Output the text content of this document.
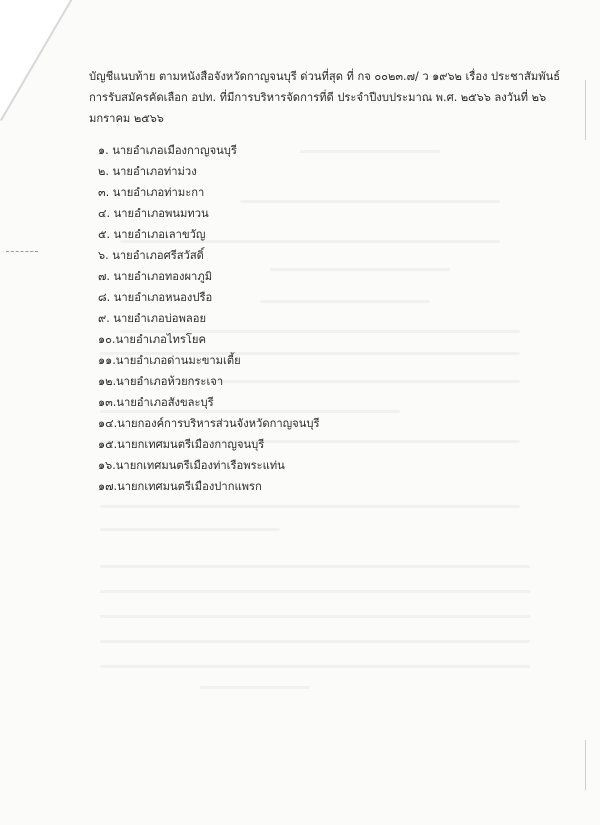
บัญชีแนบท้าย ตามหนังสือจังหวัดกาญจนบุรี ด่วนที่สุด ที่ กจ ๐๐๒๓.๗/ ว ๑๙๖๒ เรื่อง ประชาสัมพันธ์
การรับสมัครคัดเลือก อปท. ที่มีการบริหารจัดการที่ดี ประจำปีงบประมาณ พ.ศ. ๒๕๖๖ ลงวันที่ ๒๖
มกราคม ๒๕๖๖
๑. นายอำเภอเมืองกาญจนบุรี
๒. นายอำเภอท่าม่วง
๓. นายอำเภอท่ามะกา
๔. นายอำเภอพนมทวน
๕. นายอำเภอเลาขวัญ
๖. นายอำเภอศรีสวัสดิ์
๗. นายอำเภอทองผาภูมิ
๘. นายอำเภอหนองปรือ
๙. นายอำเภอบ่อพลอย
๑๐.นายอำเภอไทรโยค
๑๑.นายอำเภอด่านมะขามเตี้ย
๑๒.นายอำเภอห้วยกระเจา
๑๓.นายอำเภอสังขละบุรี
๑๔.นายกองค์การบริหารส่วนจังหวัดกาญจนบุรี
๑๕.นายกเทศมนตรีเมืองกาญจนบุรี
๑๖.นายกเทศมนตรีเมืองท่าเรือพระแท่น
๑๗.นายกเทศมนตรีเมืองปากแพรก
